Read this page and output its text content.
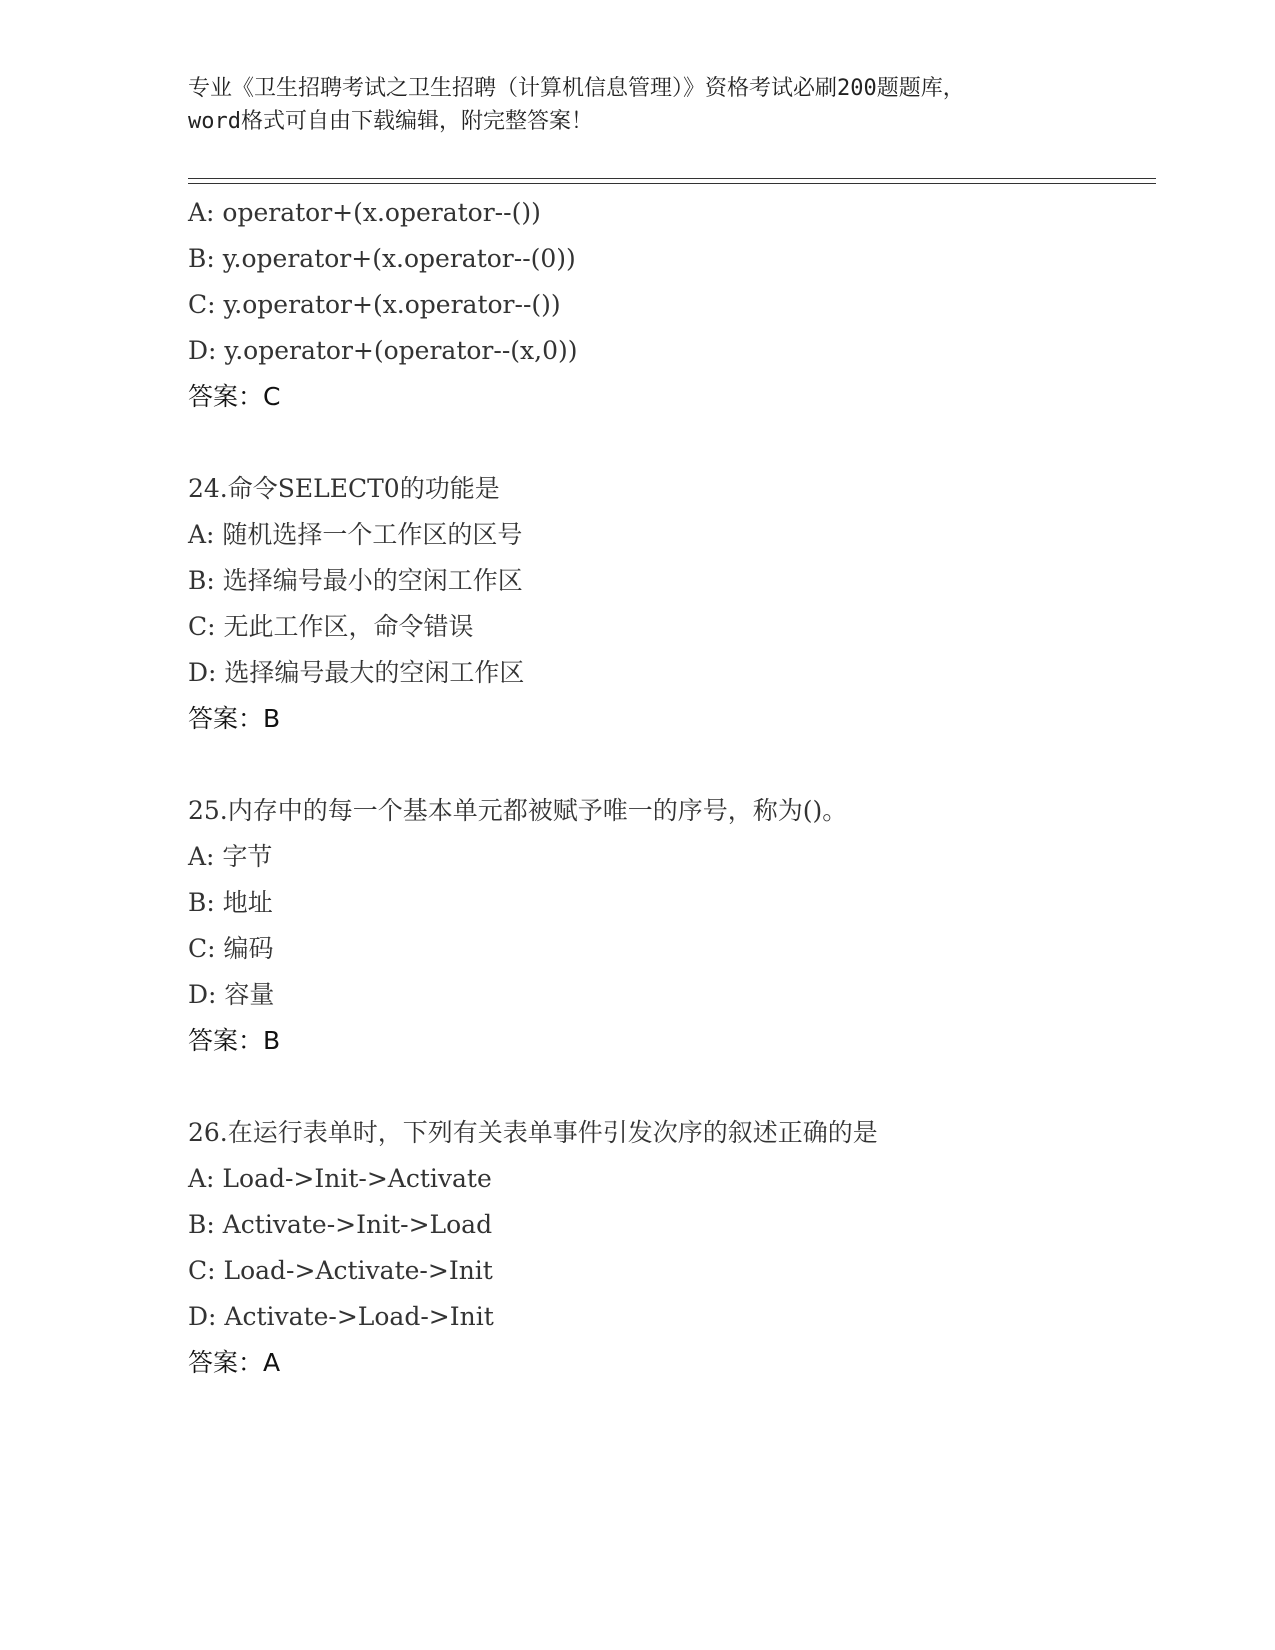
专业《卫生招聘考试之卫生招聘（计算机信息管理）》资格考试必刷200题题库，
word格式可自由下载编辑，附完整答案！
A: operator+(x.operator--())
B: y.operator+(x.operator--(0))
C: y.operator+(x.operator--())
D: y.operator+(operator--(x,0))
答案：C
24.命令SELECT0的功能是
A: 随机选择一个工作区的区号
B: 选择编号最小的空闲工作区
C: 无此工作区，命令错误
D: 选择编号最大的空闲工作区
答案：B
25.内存中的每一个基本单元都被赋予唯一的序号，称为()。
A: 字节
B: 地址
C: 编码
D: 容量
答案：B
26.在运行表单时，下列有关表单事件引发次序的叙述正确的是
A: Load->Init->Activate
B: Activate->Init->Load
C: Load->Activate->Init
D: Activate->Load->Init
答案：A
